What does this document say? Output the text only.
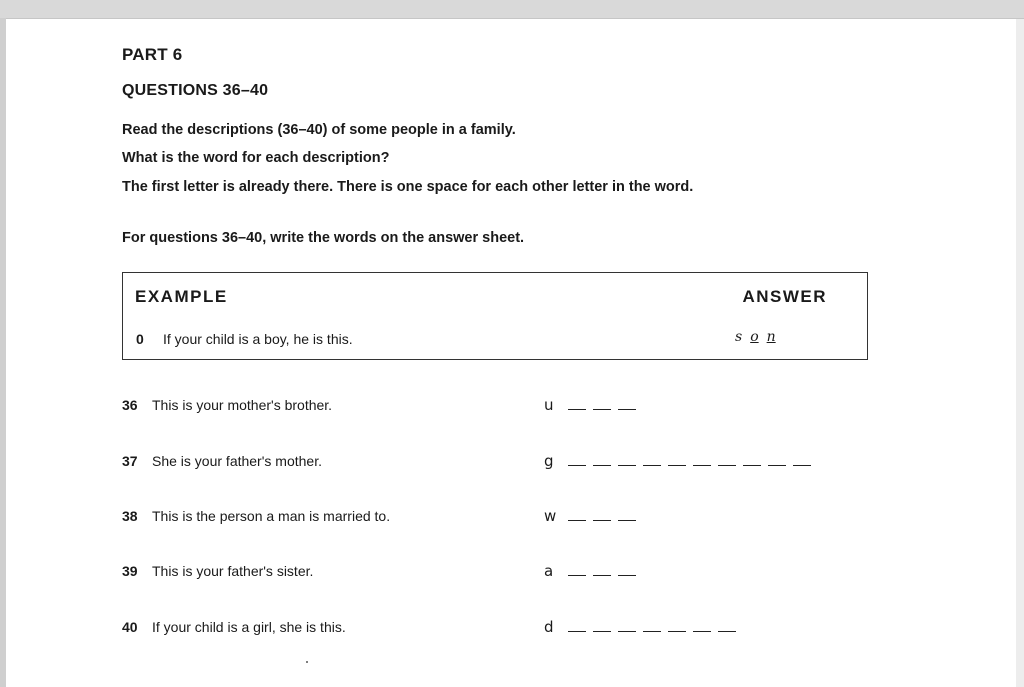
PART 6
QUESTIONS 36–40
Read the descriptions (36–40) of some people in a family.
What is the word for each description?
The first letter is already there. There is one space for each other letter in the word.
For questions 36–40, write the words on the answer sheet.
EXAMPLE	ANSWER
0 If your child is a boy, he is this.	s o n
36 This is your mother's brother.	u
37 She is your father's mother.	g
38 This is the person a man is married to.	w
39 This is your father's sister.	a
40 If your child is a girl, she is this.	d
